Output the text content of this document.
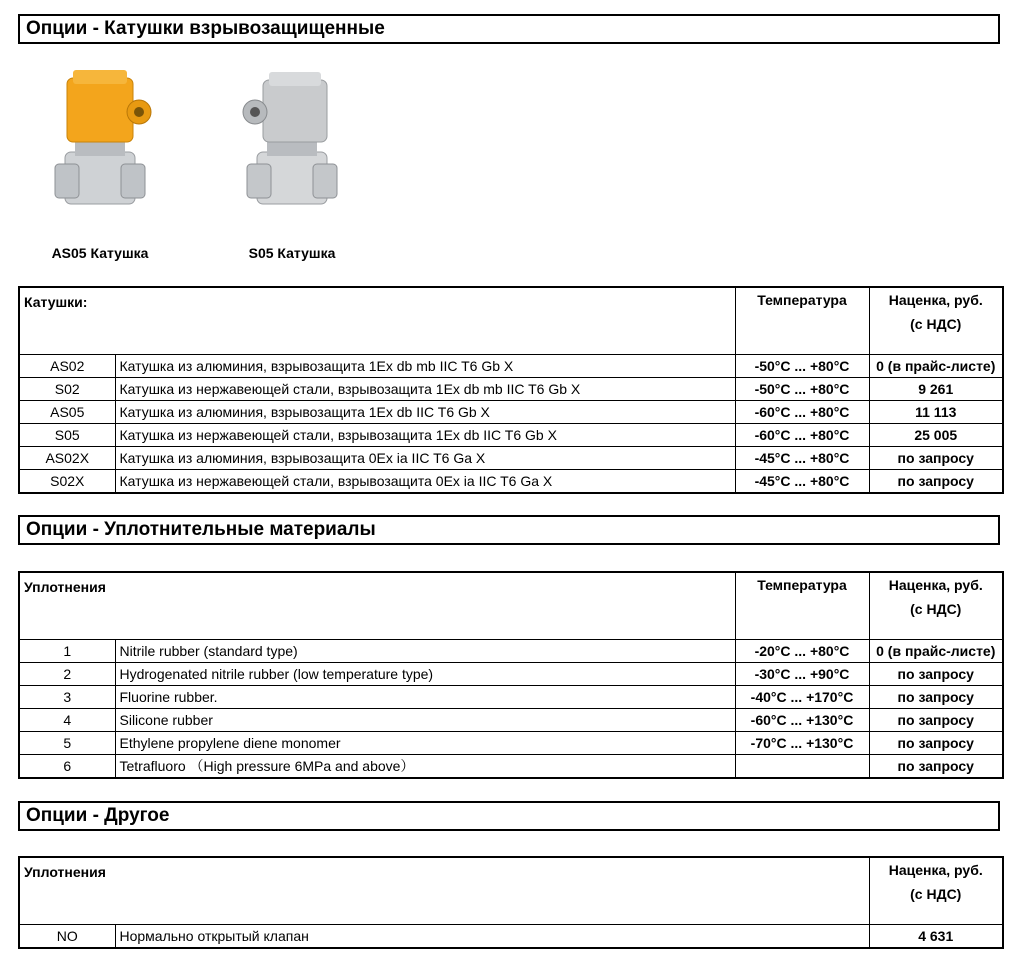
Опции - Катушки взрывозащищенные
AS05 Катушка	S05 Катушка
Катушки:		Температура	Наценка, руб.
(с НДС)
AS02	Катушка из алюминия, взрывозащита 1Ex db mb IIC T6 Gb X	-50°C ... +80°C	0 (в прайс-листе)
S02	Катушка из нержавеющей стали, взрывозащита 1Ex db mb IIC T6 Gb X	-50°C ... +80°C	9 261
AS05	Катушка из алюминия, взрывозащита 1Ex db IIC T6 Gb X	-60°C ... +80°C	11 113
S05	Катушка из нержавеющей стали, взрывозащита 1Ex db IIC T6 Gb X	-60°C ... +80°C	25 005
AS02X	Катушка из алюминия, взрывозащита 0Ex ia IIC T6 Ga X	-45°C ... +80°C	по запросу
S02X	Катушка из нержавеющей стали, взрывозащита 0Ex ia IIC T6 Ga X	-45°C ... +80°C	по запросу
Опции - Уплотнительные материалы
Уплотнения		Температура	Наценка, руб.
(с НДС)
1	Nitrile rubber (standard type)	-20°C ... +80°C	0 (в прайс-листе)
2	Hydrogenated nitrile rubber (low temperature type)	-30°C ... +90°C	по запросу
3	Fluorine rubber.	-40°C ... +170°C	по запросу
4	Silicone rubber	-60°C ... +130°C	по запросу
5	Ethylene propylene diene monomer	-70°C ... +130°C	по запросу
6	Tetrafluoro （High pressure 6MPa and above）		по запросу
Опции - Другое
Уплотнения		Наценка, руб.
(с НДС)
NO	Нормально открытый клапан	4 631
